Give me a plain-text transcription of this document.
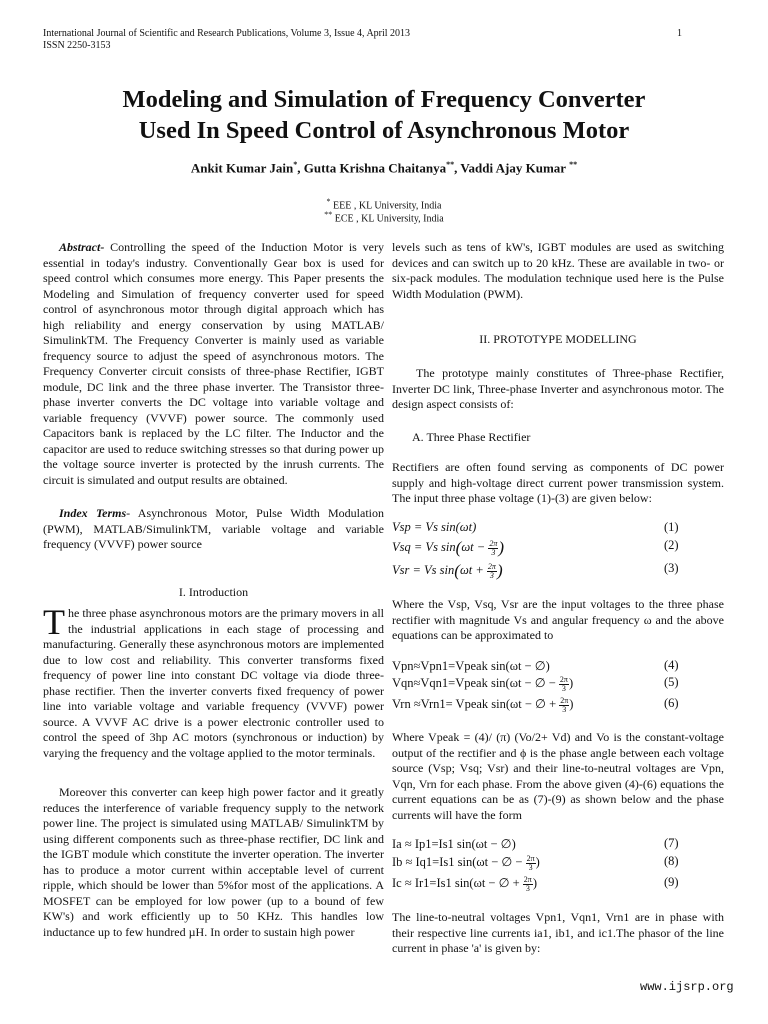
International Journal of Scientific and Research Publications, Volume 3, Issue 4, April 2013
ISSN 2250-3153
1
Modeling and Simulation of Frequency Converter
Used In Speed Control of Asynchronous Motor
Ankit Kumar Jain*, Gutta Krishna Chaitanya**, Vaddi Ajay Kumar **
* EEE , KL University, India
** ECE , KL University, India

Abstract- Controlling the speed of the Induction Motor is very essential in today's industry. Conventionally Gear box is used for speed control which consumes more energy. This Paper presents the Modeling and Simulation of frequency converter used for speed control of asynchronous motor through digital approach which has high reliability and energy conservation by using MATLAB/ SimulinkTM. The Frequency Converter is mainly used as variable frequency source to adjust the speed of asynchronous motors. The Frequency Converter circuit consists of three-phase Rectifier, IGBT module, DC link and the three phase inverter. The Transistor three-phase inverter converts the DC voltage into variable voltage and variable frequency (VVVF) power source. The commonly used Capacitors bank is replaced by the LC filter. The Inductor and the capacitor are used to reduce switching stresses so that during power up the voltage source inverter is protected by the inrush currents. The circuit is simulated and output results are obtained.

Index Terms- Asynchronous Motor, Pulse Width Modulation (PWM), MATLAB/SimulinkTM, variable voltage and variable frequency (VVVF) power source

I. Introduction

The three phase asynchronous motors are the primary movers in all the industrial applications in each stage of processing and manufacturing. Generally these asynchronous motors are implemented due to low cost and reliability. This converter transforms fixed frequency of power line into constant DC voltage via diode three-phase rectifier. Then the inverter converts fixed frequency of power line into variable voltage and variable frequency (VVVF) power source. A VVVF AC drive is a power electronic controller used to control the speed of 3hp AC motors (synchronous or induction) by varying the frequency and the voltage applied to the motor terminals.

Moreover this converter can keep high power factor and it greatly reduces the interference of variable frequency supply to the network power line. The project is simulated using MATLAB/ SimulinkTM by using different components such as three-phase rectifier, DC link and the IGBT module which constitute the inverter operation. The inverter has to produce a motor current within acceptable level of current ripple, which should be lower than 5%for most of the applications. A MOSFET can be employed for low power (up to a bound of few KW's) and work efficiently up to 50 KHz. This handles low inductance up to few hundred µH. In order to sustain high power

levels such as tens of kW's, IGBT modules are used as switching devices and can switch up to 20 kHz. These are available in two- or six-pack modules. The modulation technique used here is the Pulse Width Modulation (PWM).

II. PROTOTYPE MODELLING

The prototype mainly constitutes of Three-phase Rectifier, Inverter DC link, Three-phase Inverter and asynchronous motor. The design aspect consists of:

A. Three Phase Rectifier

Rectifiers are often found serving as components of DC power supply and high-voltage direct current power transmission system. The input three phase voltage (1)-(3) are given below:

Vsp = Vs sin(ωt)	(1)
Vsq = Vs $\sin(\omega t - \frac{2\pi}{3}$ )	(2)
Vsr = Vs $\sin(\omega t + \frac{2\pi}{3}$ )	(3)

Where the Vsp, Vsq, Vsr are the input voltages to the three phase rectifier with magnitude Vs and angular frequency ω and the above equations can be approximated to

Vpn≈Vpn1=Vpeak sin(ωt − ∅)	(4)
Vqn≈Vqn1=Vpeak sin(ωt − ∅ − $\frac{2\pi}{3}$ )	(5)
Vrn ≈Vrn1= Vpeak sin(ωt − ∅ + $\frac{2\pi}{3}$ )	(6)

Where Vpeak = (4)/ (π) (Vo/2+ Vd) and Vo is the constant-voltage output of the rectifier and ϕ is the phase angle between each voltage source (Vsp; Vsq; Vsr) and their line-to-neutral voltages are Vpn, Vqn, Vrn for each phase. From the above given (4)-(6) equations the current equations can be as (7)-(9) as shown below and the phase currents will have the form

Ia ≈ Ip1=Is1 sin(ωt − ∅)	(7)
Ib ≈ Iq1=Is1 sin(ωt − ∅ − $\frac{2\pi}{3}$ )	(8)
Ic ≈ Ir1=Is1 sin(ωt − ∅ + $\frac{2\pi}{3}$ )	(9)

The line-to-neutral voltages Vpn1, Vqn1, Vrn1 are in phase with their respective line currents ia1, ib1, and ic1.The phasor of the line current in phase 'a' is given by:

www.ijsrp.org
